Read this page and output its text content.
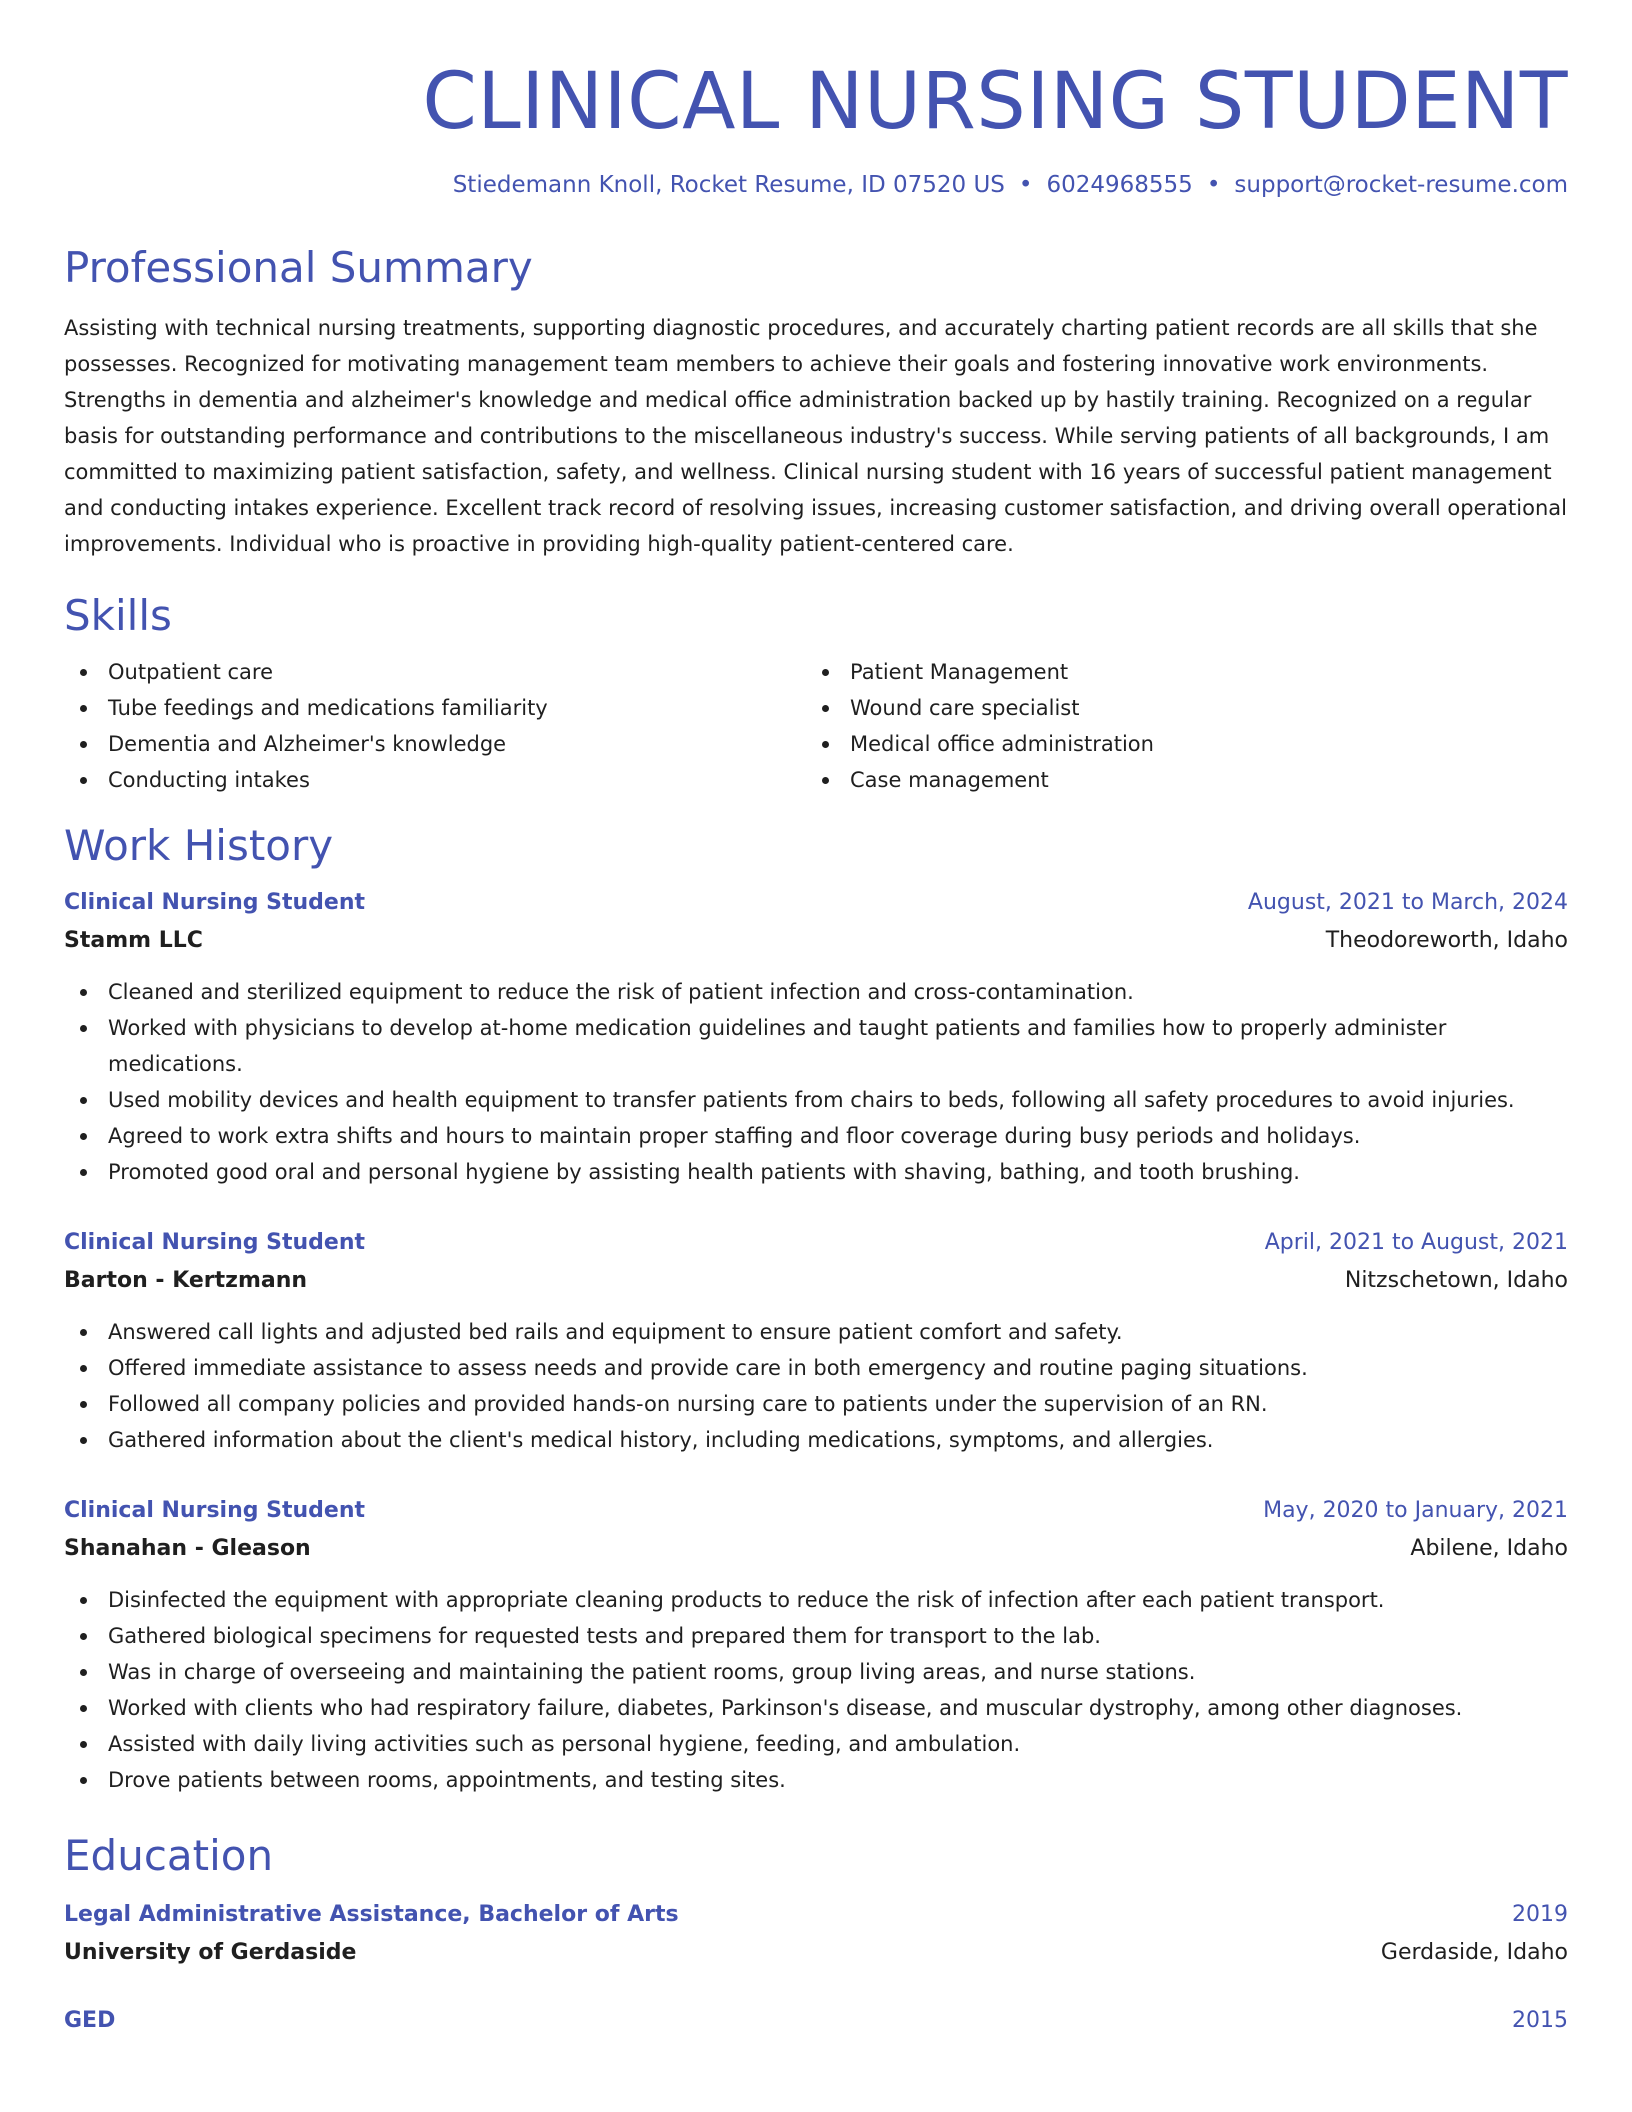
CLINICAL NURSING STUDENT
Stiedemann Knoll, Rocket Resume, ID 07520 US • 6024968555 • support@rocket-resume.com
Professional Summary
Assisting with technical nursing treatments, supporting diagnostic procedures, and accurately charting patient records are all skills that she possesses. Recognized for motivating management team members to achieve their goals and fostering innovative work environments. Strengths in dementia and alzheimer's knowledge and medical office administration backed up by hastily training. Recognized on a regular basis for outstanding performance and contributions to the miscellaneous industry's success. While serving patients of all backgrounds, I am committed to maximizing patient satisfaction, safety, and wellness. Clinical nursing student with 16 years of successful patient management and conducting intakes experience. Excellent track record of resolving issues, increasing customer satisfaction, and driving overall operational improvements. Individual who is proactive in providing high-quality patient-centered care.
Skills
Outpatient care
Tube feedings and medications familiarity
Dementia and Alzheimer's knowledge
Conducting intakes
Patient Management
Wound care specialist
Medical office administration
Case management
Work History
Clinical Nursing Student	August, 2021 to March, 2024
Stamm LLC	Theodoreworth, Idaho
Cleaned and sterilized equipment to reduce the risk of patient infection and cross-contamination.
Worked with physicians to develop at-home medication guidelines and taught patients and families how to properly administer medications.
Used mobility devices and health equipment to transfer patients from chairs to beds, following all safety procedures to avoid injuries.
Agreed to work extra shifts and hours to maintain proper staffing and floor coverage during busy periods and holidays.
Promoted good oral and personal hygiene by assisting health patients with shaving, bathing, and tooth brushing.
Clinical Nursing Student	April, 2021 to August, 2021
Barton - Kertzmann	Nitzschetown, Idaho
Answered call lights and adjusted bed rails and equipment to ensure patient comfort and safety.
Offered immediate assistance to assess needs and provide care in both emergency and routine paging situations.
Followed all company policies and provided hands-on nursing care to patients under the supervision of an RN.
Gathered information about the client's medical history, including medications, symptoms, and allergies.
Clinical Nursing Student	May, 2020 to January, 2021
Shanahan - Gleason	Abilene, Idaho
Disinfected the equipment with appropriate cleaning products to reduce the risk of infection after each patient transport.
Gathered biological specimens for requested tests and prepared them for transport to the lab.
Was in charge of overseeing and maintaining the patient rooms, group living areas, and nurse stations.
Worked with clients who had respiratory failure, diabetes, Parkinson's disease, and muscular dystrophy, among other diagnoses.
Assisted with daily living activities such as personal hygiene, feeding, and ambulation.
Drove patients between rooms, appointments, and testing sites.
Education
Legal Administrative Assistance, Bachelor of Arts	2019
University of Gerdaside	Gerdaside, Idaho
GED	2015
